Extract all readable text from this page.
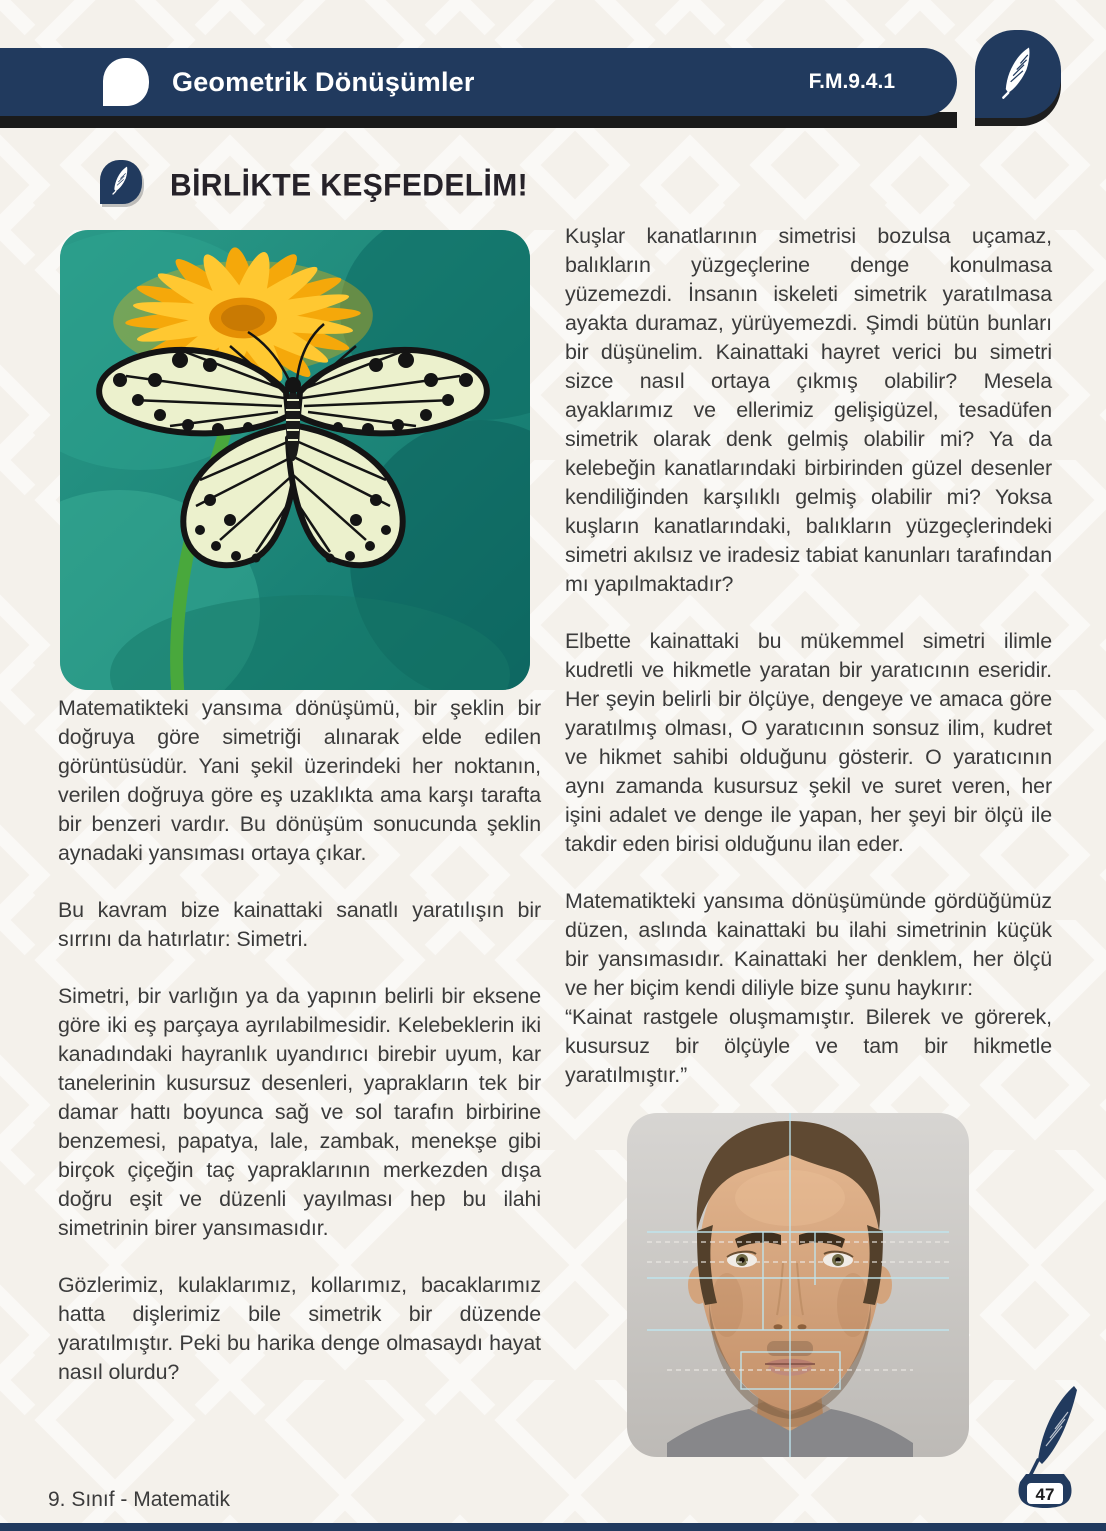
Geometrik Dönüşümler	F.M.9.4.1
BİRLİKTE KEŞFEDELİM!

Matematikteki yansıma dönüşümü, bir şeklin bir doğruya göre simetriği alınarak elde edilen görüntüsüdür. Yani şekil üzerindeki her noktanın, verilen doğruya göre eş uzaklıkta ama karşı tarafta bir benzeri vardır. Bu dönüşüm sonucunda şeklin aynadaki yansıması ortaya çıkar.

Bu kavram bize kainattaki sanatlı yaratılışın bir sırrını da hatırlatır: Simetri.

Simetri, bir varlığın ya da yapının belirli bir eksene göre iki eş parçaya ayrılabilmesidir. Kelebeklerin iki kanadındaki hayranlık uyandırıcı birebir uyum, kar tanelerinin kusursuz desenleri, yaprakların tek bir damar hattı boyunca sağ ve sol tarafın birbirine benzemesi, papatya, lale, zambak, menekşe gibi birçok çiçeğin taç yapraklarının merkezden dışa doğru eşit ve düzenli yayılması hep bu ilahi simetrinin birer yansımasıdır.

Gözlerimiz, kulaklarımız, kollarımız, bacaklarımız hatta dişlerimiz bile simetrik bir düzende yaratılmıştır. Peki bu harika denge olmasaydı hayat nasıl olurdu?

Kuşlar kanatlarının simetrisi bozulsa uçamaz, balıkların yüzgeçlerine denge konulmasa yüzemezdi. İnsanın iskeleti simetrik yaratılmasa ayakta duramaz, yürüyemezdi. Şimdi bütün bunları bir düşünelim. Kainattaki hayret verici bu simetri sizce nasıl ortaya çıkmış olabilir? Mesela ayaklarımız ve ellerimiz gelişigüzel, tesadüfen simetrik olarak denk gelmiş olabilir mi? Ya da kelebeğin kanatlarındaki birbirinden güzel desenler kendiliğinden karşılıklı gelmiş olabilir mi? Yoksa kuşların kanatlarındaki, balıkların yüzgeçlerindeki simetri akılsız ve iradesiz tabiat kanunları tarafından mı yapılmaktadır?

Elbette kainattaki bu mükemmel simetri ilimle kudretli ve hikmetle yaratan bir yaratıcının eseridir. Her şeyin belirli bir ölçüye, dengeye ve amaca göre yaratılmış olması, O yaratıcının sonsuz ilim, kudret ve hikmet sahibi olduğunu gösterir. O yaratıcının aynı zamanda kusursuz şekil ve suret veren, her işini adalet ve denge ile yapan, her şeyi bir ölçü ile takdir eden birisi olduğunu ilan eder.

Matematikteki yansıma dönüşümünde gördüğümüz düzen, aslında kainattaki bu ilahi simetrinin küçük bir yansımasıdır. Kainattaki her denklem, her ölçü ve her biçim kendi diliyle bize şunu haykırır:

“Kainat rastgele oluşmamıştır. Bilerek ve görerek, kusursuz bir ölçüyle ve tam bir hikmetle yaratılmıştır.”

9. Sınıf - Matematik	47
